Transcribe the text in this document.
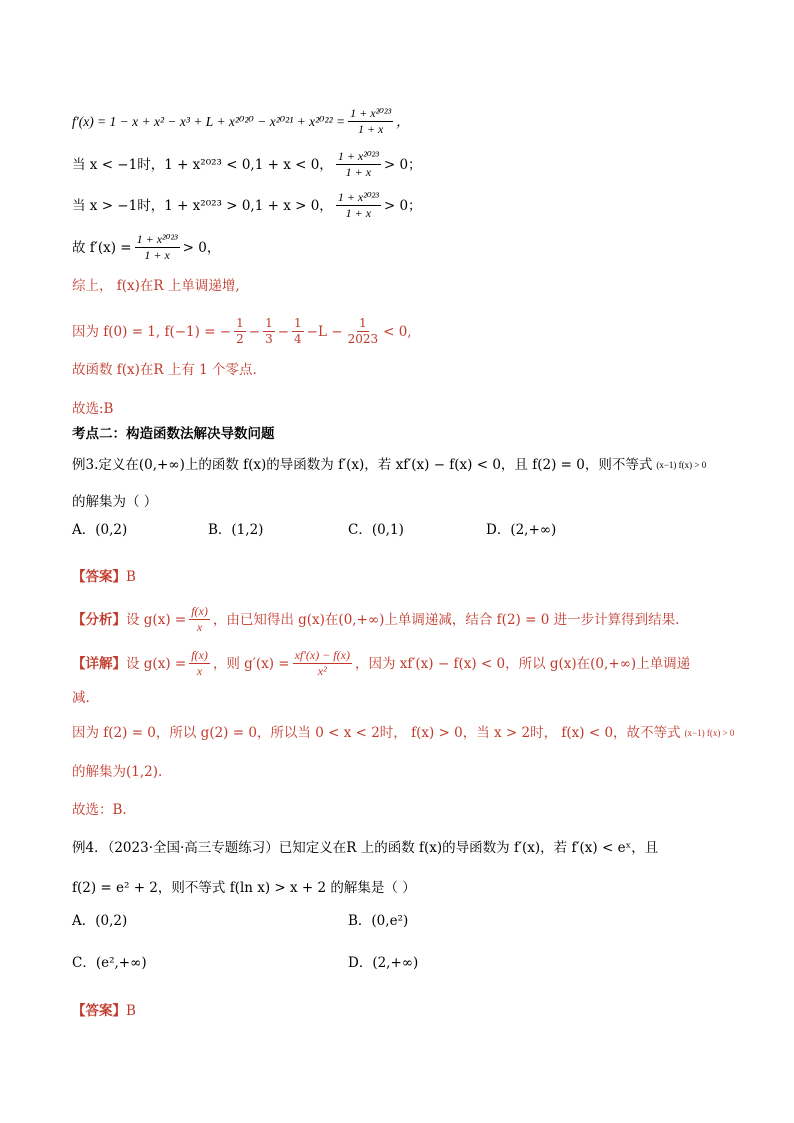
$f'(x) = 1 - x + x^2 - x^3 + L + x^{2020} - x^{2021} + x^{2022} = \frac{\text{1 + x²⁰²³}}{1 + x}$ ，
当 x < −1时，1 + x²⁰²³ < 0,1 + x < 0， $\frac{\text{1 + x²⁰²³}}{1 + x} > 0$；
当 x > −1时，1 + x²⁰²³ > 0,1 + x > 0， $\frac{\text{1 + x²⁰²³}}{1 + x} > 0$；
故 $f'(x) = \frac{\text{1 + x²⁰²³}}{1 + x} > 0$，
综上， f(x)在R 上单调递增,
因为 f(0) = 1, f(−1) = − $\frac{1}{2} - \frac{1}{3} - \frac{1}{4} -L - \frac{1}{2023} < 0$,
故函数 f(x)在R 上有 1 个零点.
故选:B
考点二：构造函数法解决导数问题
例3.定义在(0,+∞)上的函数 f(x)的导函数为 f′(x)，若 xf′(x) − f(x) < 0，且 f(2) = 0，则不等式 (x−1) f(x) > 0
的解集为（ ）
A．(0,2)	B．(1,2)	C．(0,1)	D．(2,+∞)
【答案】 B
【分析】 设 $g(x) = \frac{f(x)}{x}$ ，由已知得出 g(x)在(0,+∞)上单调递减，结合 f(2) = 0 进一步计算得到结果.
【详解】 设 $g(x) = \frac{f(x)}{x}$ ，则 $g'(x) = \frac{xf'(x) - f(x)}{\text{x²}}$ ，因为 xf′(x) − f(x) < 0，所以 g(x)在(0,+∞)上单调递
减.
因为 f(2) = 0，所以 g(2) = 0，所以当 0 < x < 2时， f(x) > 0，当 x > 2时， f(x) < 0，故不等式 (x−1) f(x) > 0
的解集为(1,2).
故选：B.
例4．（2023·全国·高三专题练习）已知定义在R 上的函数 f(x)的导函数为 f′(x)，若 f′(x) < eˣ，且
f(2) = e² + 2，则不等式 f(ln x) > x + 2 的解集是（ ）
A．(0,2)	B．(0,e²)
C．(e²,+∞)	D．(2,+∞)
【答案】 B
